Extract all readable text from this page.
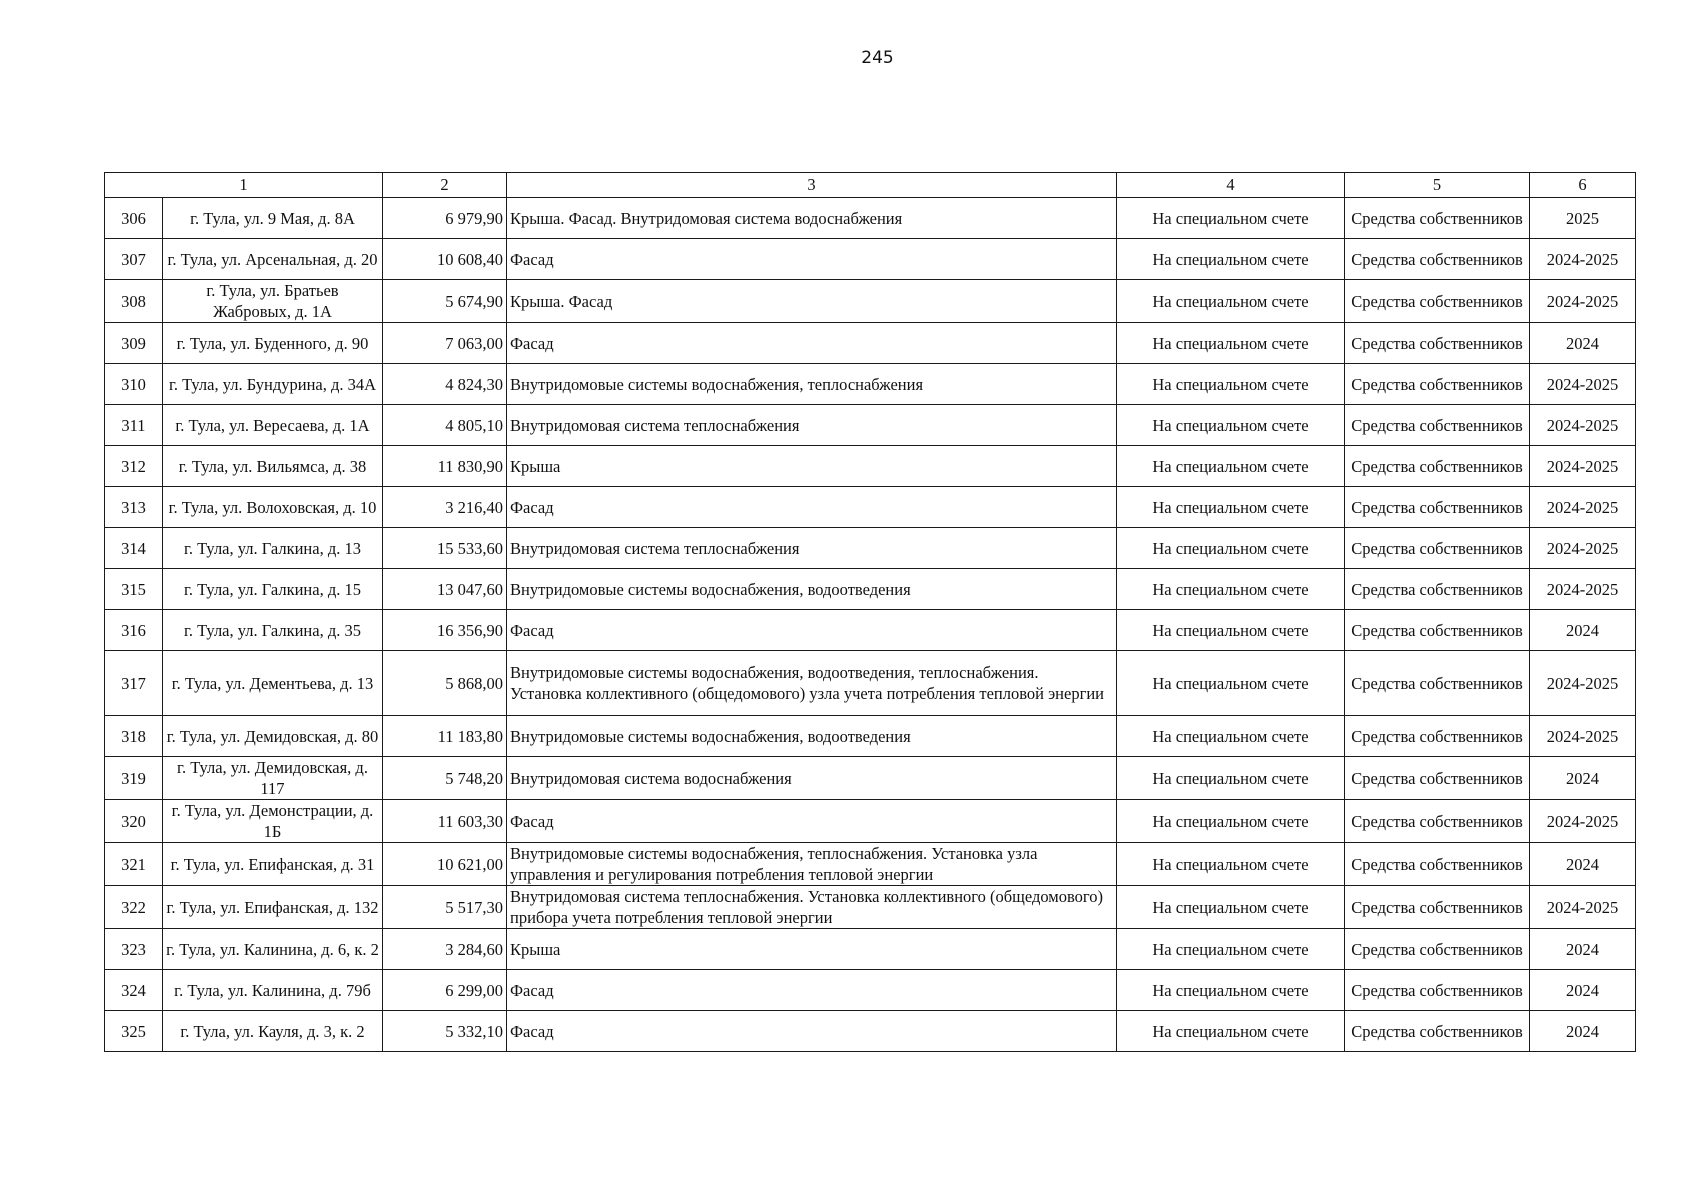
245
1		2	3	4	5	6
306	г. Тула, ул. 9 Мая, д. 8А	6 979,90	Крыша. Фасад. Внутридомовая система водоснабжения	На специальном счете	Средства собственников	2025
307	г. Тула, ул. Арсенальная, д. 20	10 608,40	Фасад	На специальном счете	Средства собственников	2024-2025
308	г. Тула, ул. Братьев Жабровых, д. 1А	5 674,90	Крыша. Фасад	На специальном счете	Средства собственников	2024-2025
309	г. Тула, ул. Буденного, д. 90	7 063,00	Фасад	На специальном счете	Средства собственников	2024
310	г. Тула, ул. Бундурина, д. 34А	4 824,30	Внутридомовые системы водоснабжения, теплоснабжения	На специальном счете	Средства собственников	2024-2025
311	г. Тула, ул. Вересаева, д. 1А	4 805,10	Внутридомовая система теплоснабжения	На специальном счете	Средства собственников	2024-2025
312	г. Тула, ул. Вильямса, д. 38	11 830,90	Крыша	На специальном счете	Средства собственников	2024-2025
313	г. Тула, ул. Волоховская, д. 10	3 216,40	Фасад	На специальном счете	Средства собственников	2024-2025
314	г. Тула, ул. Галкина, д. 13	15 533,60	Внутридомовая система теплоснабжения	На специальном счете	Средства собственников	2024-2025
315	г. Тула, ул. Галкина, д. 15	13 047,60	Внутридомовые системы водоснабжения, водоотведения	На специальном счете	Средства собственников	2024-2025
316	г. Тула, ул. Галкина, д. 35	16 356,90	Фасад	На специальном счете	Средства собственников	2024
317	г. Тула, ул. Дементьева, д. 13	5 868,00	Внутридомовые системы водоснабжения, водоотведения, теплоснабжения. Установка коллективного (общедомового) узла учета потребления тепловой энергии	На специальном счете	Средства собственников	2024-2025
318	г. Тула, ул. Демидовская, д. 80	11 183,80	Внутридомовые системы водоснабжения, водоотведения	На специальном счете	Средства собственников	2024-2025
319	г. Тула, ул. Демидовская, д. 117	5 748,20	Внутридомовая система водоснабжения	На специальном счете	Средства собственников	2024
320	г. Тула, ул. Демонстрации, д. 1Б	11 603,30	Фасад	На специальном счете	Средства собственников	2024-2025
321	г. Тула, ул. Епифанская, д. 31	10 621,00	Внутридомовые системы водоснабжения, теплоснабжения. Установка узла управления и регулирования потребления тепловой энергии	На специальном счете	Средства собственников	2024
322	г. Тула, ул. Епифанская, д. 132	5 517,30	Внутридомовая система теплоснабжения. Установка коллективного (общедомового) прибора учета потребления тепловой энергии	На специальном счете	Средства собственников	2024-2025
323	г. Тула, ул. Калинина, д. 6, к. 2	3 284,60	Крыша	На специальном счете	Средства собственников	2024
324	г. Тула, ул. Калинина, д. 79б	6 299,00	Фасад	На специальном счете	Средства собственников	2024
325	г. Тула, ул. Кауля, д. 3, к. 2	5 332,10	Фасад	На специальном счете	Средства собственников	2024
